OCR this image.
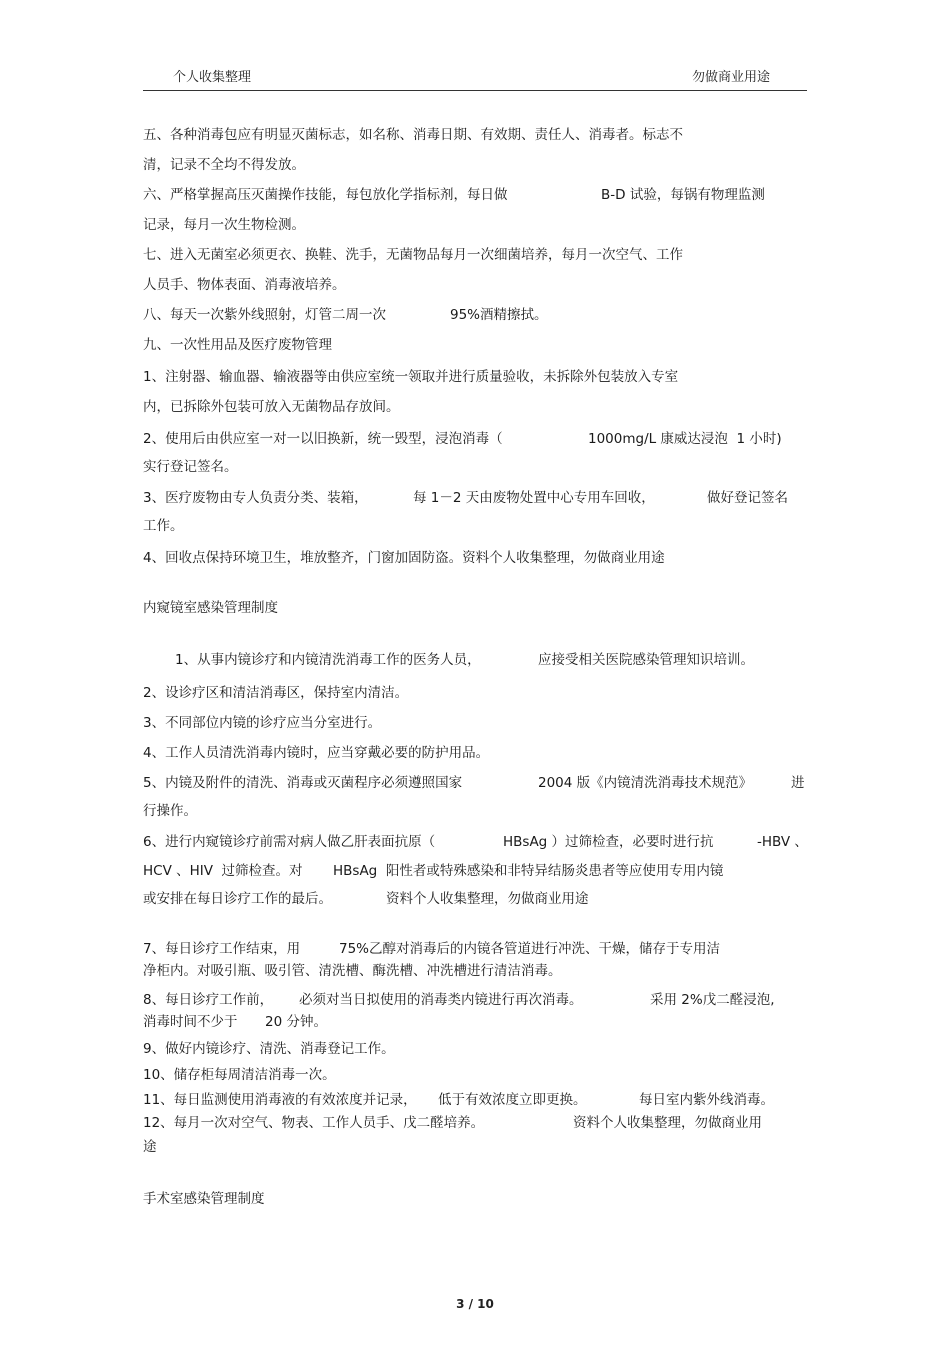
个人收集整理	勿做商业用途
五、各种消毒包应有明显灭菌标志，如名称、消毒日期、有效期、责任人、消毒者。标志不
清，记录不全均不得发放。
六、严格掌握高压灭菌操作技能，每包放化学指标剂，每日做	B-D 试验，每锅有物理监测
记录，每月一次生物检测。
七、进入无菌室必须更衣、换鞋、洗手，无菌物品每月一次细菌培养，每月一次空气、工作
人员手、物体表面、消毒液培养。
八、每天一次紫外线照射，灯管二周一次	95%酒精擦拭。
九、一次性用品及医疗废物管理
1、注射器、输血器、输液器等由供应室统一领取并进行质量验收，未拆除外包装放入专室
内，已拆除外包装可放入无菌物品存放间。
2、使用后由供应室一对一以旧换新，统一毁型，浸泡消毒（	1000mg/L 康威达浸泡  1 小时)
实行登记签名。
3、医疗废物由专人负责分类、装箱，	每 1－2 天由废物处置中心专用车回收，	做好登记签名
工作。
4、回收点保持环境卫生，堆放整齐，门窗加固防盗。资料个人收集整理，勿做商业用途
内窥镜室感染管理制度
1、从事内镜诊疗和内镜清洗消毒工作的医务人员，	应接受相关医院感染管理知识培训。
2、设诊疗区和清洁消毒区，保持室内清洁。
3、不同部位内镜的诊疗应当分室进行。
4、工作人员清洗消毒内镜时，应当穿戴必要的防护用品。
5、内镜及附件的清洗、消毒或灭菌程序必须遵照国家	2004 版《内镜清洗消毒技术规范》	进
行操作。
6、进行内窥镜诊疗前需对病人做乙肝表面抗原（	HBsAg ）过筛检查，必要时进行抗	-HBV 、
HCV 、HIV  过筛检查。对 HBsAg  阳性者或特殊感染和非特异结肠炎患者等应使用专用内镜
或安排在每日诊疗工作的最后。	资料个人收集整理，勿做商业用途
7、每日诊疗工作结束，用	75%乙醇对消毒后的内镜各管道进行冲洗、干燥，储存于专用洁
净柜内。对吸引瓶、吸引管、清洗槽、酶洗槽、冲洗槽进行清洁消毒。
8、每日诊疗工作前， 必须对当日拟使用的消毒类内镜进行再次消毒。	采用 2%戊二醛浸泡,
消毒时间不少于 20 分钟。
9、做好内镜诊疗、清洗、消毒登记工作。
10、储存柜每周清洁消毒一次。
11、每日监测使用消毒液的有效浓度并记录， 低于有效浓度立即更换。	每日室内紫外线消毒。
12、每月一次对空气、物表、工作人员手、戊二醛培养。	资料个人收集整理，勿做商业用
途
手术室感染管理制度
3 / 10
